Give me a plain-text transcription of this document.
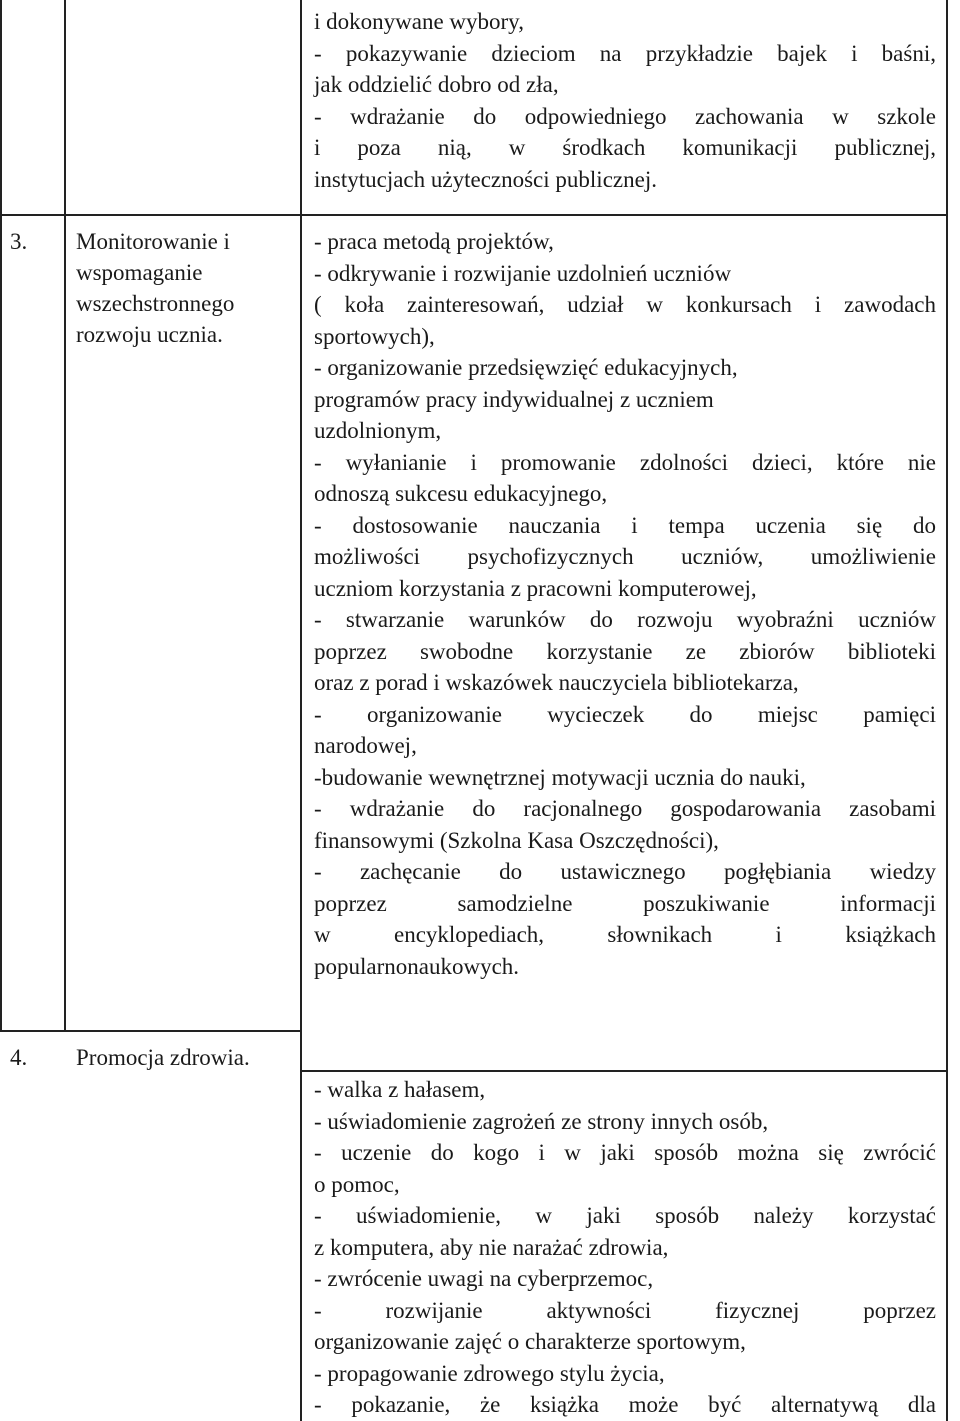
i dokonywane wybory,
- pokazywanie dzieciom na przykładzie bajek i baśni,
jak oddzielić dobro od zła,
- wdrażanie do odpowiedniego zachowania w szkole
i poza nią, w środkach komunikacji publicznej,
instytucjach użyteczności publicznej.
3. Monitorowanie i
wspomaganie
wszechstronnego
rozwoju ucznia.
- praca metodą projektów,
- odkrywanie i rozwijanie uzdolnień uczniów
( koła zainteresowań, udział w konkursach i zawodach
sportowych),
- organizowanie przedsięwzięć edukacyjnych,
programów pracy indywidualnej z uczniem
uzdolnionym,
- wyłanianie i promowanie zdolności dzieci, które nie
odnoszą sukcesu edukacyjnego,
- dostosowanie nauczania i tempa uczenia się do
możliwości psychofizycznych uczniów, umożliwienie
uczniom korzystania z pracowni komputerowej,
- stwarzanie warunków do rozwoju wyobraźni uczniów
poprzez swobodne korzystanie ze zbiorów biblioteki
oraz z porad i wskazówek nauczyciela bibliotekarza,
- organizowanie wycieczek do miejsc pamięci
narodowej,
-budowanie wewnętrznej motywacji ucznia do nauki,
- wdrażanie do racjonalnego gospodarowania zasobami
finansowymi (Szkolna Kasa Oszczędności),
- zachęcanie do ustawicznego pogłębiania wiedzy
poprzez samodzielne poszukiwanie informacji
w encyklopediach, słownikach i książkach
popularnonaukowych.
4. Promocja zdrowia.
- walka z hałasem,
- uświadomienie zagrożeń ze strony innych osób,
- uczenie do kogo i w jaki sposób można się zwrócić
o pomoc,
- uświadomienie, w jaki sposób należy korzystać
z komputera, aby nie narażać zdrowia,
- zwrócenie uwagi na cyberprzemoc,
- rozwijanie aktywności fizycznej poprzez
organizowanie zajęć o charakterze sportowym,
- propagowanie zdrowego stylu życia,
- pokazanie, że książka może być alternatywą dla
